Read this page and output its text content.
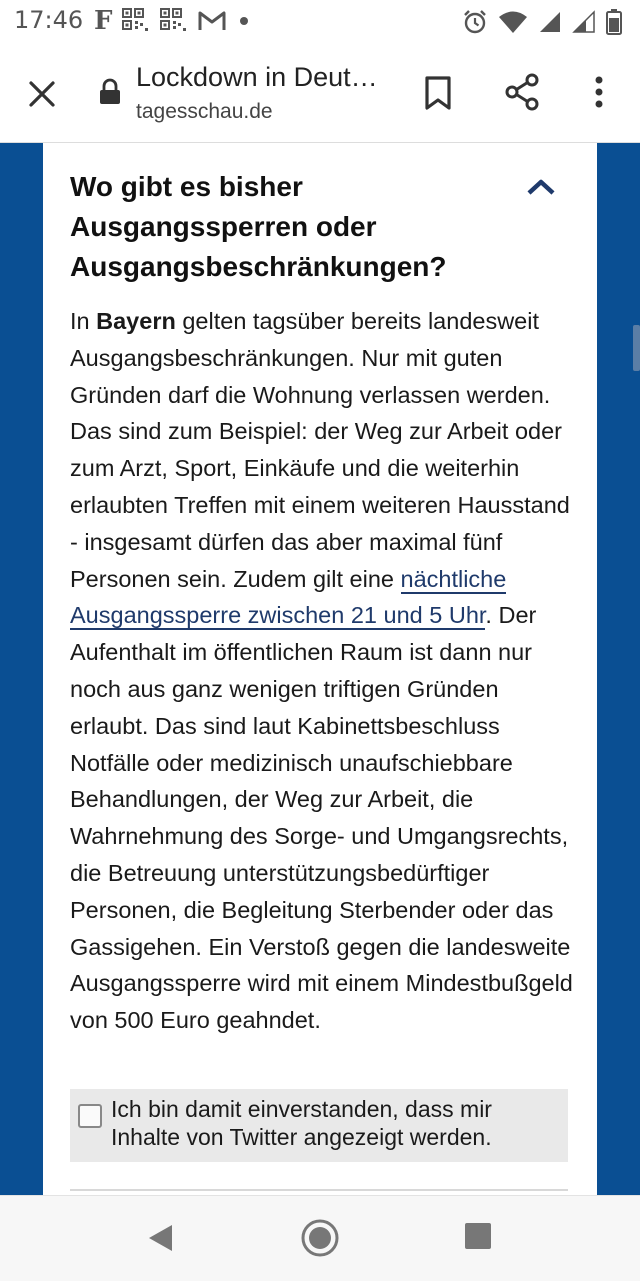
17:46 F
Lockdown in Deut…
tagesschau.de
Wo gibt es bisher Ausgangssperren oder Ausgangsbeschränkungen?
In Bayern gelten tagsüber bereits landesweit Ausgangsbeschränkungen. Nur mit guten Gründen darf die Wohnung verlassen werden. Das sind zum Beispiel: der Weg zur Arbeit oder zum Arzt, Sport, Einkäufe und die weiterhin erlaubten Treffen mit einem weiteren Hausstand - insgesamt dürfen das aber maximal fünf Personen sein. Zudem gilt eine nächtliche Ausgangssperre zwischen 21 und 5 Uhr. Der Aufenthalt im öffentlichen Raum ist dann nur noch aus ganz wenigen triftigen Gründen erlaubt. Das sind laut Kabinettsbeschluss Notfälle oder medizinisch unaufschiebbare Behandlungen, der Weg zur Arbeit, die Wahrnehmung des Sorge- und Umgangsrechts, die Betreuung unterstützungsbedürftiger Personen, die Begleitung Sterbender oder das Gassigehen. Ein Verstoß gegen die landesweite Ausgangssperre wird mit einem Mindestbußgeld von 500 Euro geahndet.
Ich bin damit einverstanden, dass mir Inhalte von Twitter angezeigt werden.
